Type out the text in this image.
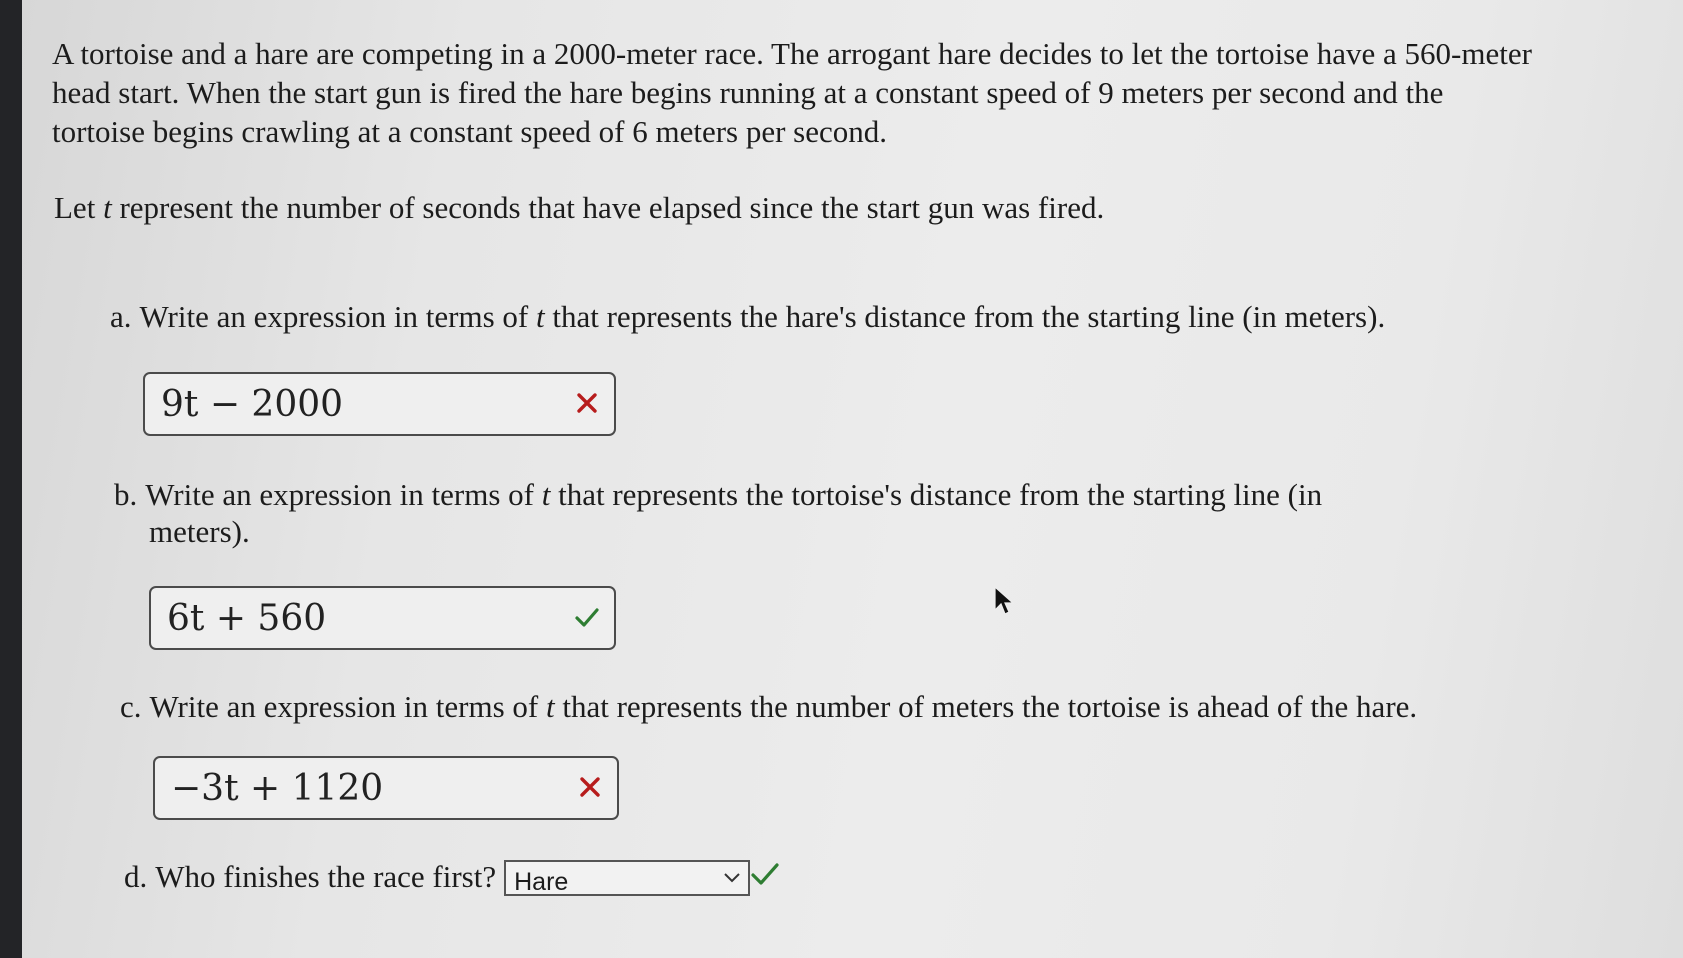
A tortoise and a hare are competing in a 2000-meter race. The arrogant hare decides to let the tortoise have a 560-meter head start. When the start gun is fired the hare begins running at a constant speed of 9 meters per second and the tortoise begins crawling at a constant speed of 6 meters per second.
Let t represent the number of seconds that have elapsed since the start gun was fired.
a. Write an expression in terms of t that represents the hare's distance from the starting line (in meters).
9t − 2000
b. Write an expression in terms of t that represents the tortoise's distance from the starting line (in
meters).
6t + 560
c. Write an expression in terms of t that represents the number of meters the tortoise is ahead of the hare.
−3t + 1120
d. Who finishes the race first? Hare
